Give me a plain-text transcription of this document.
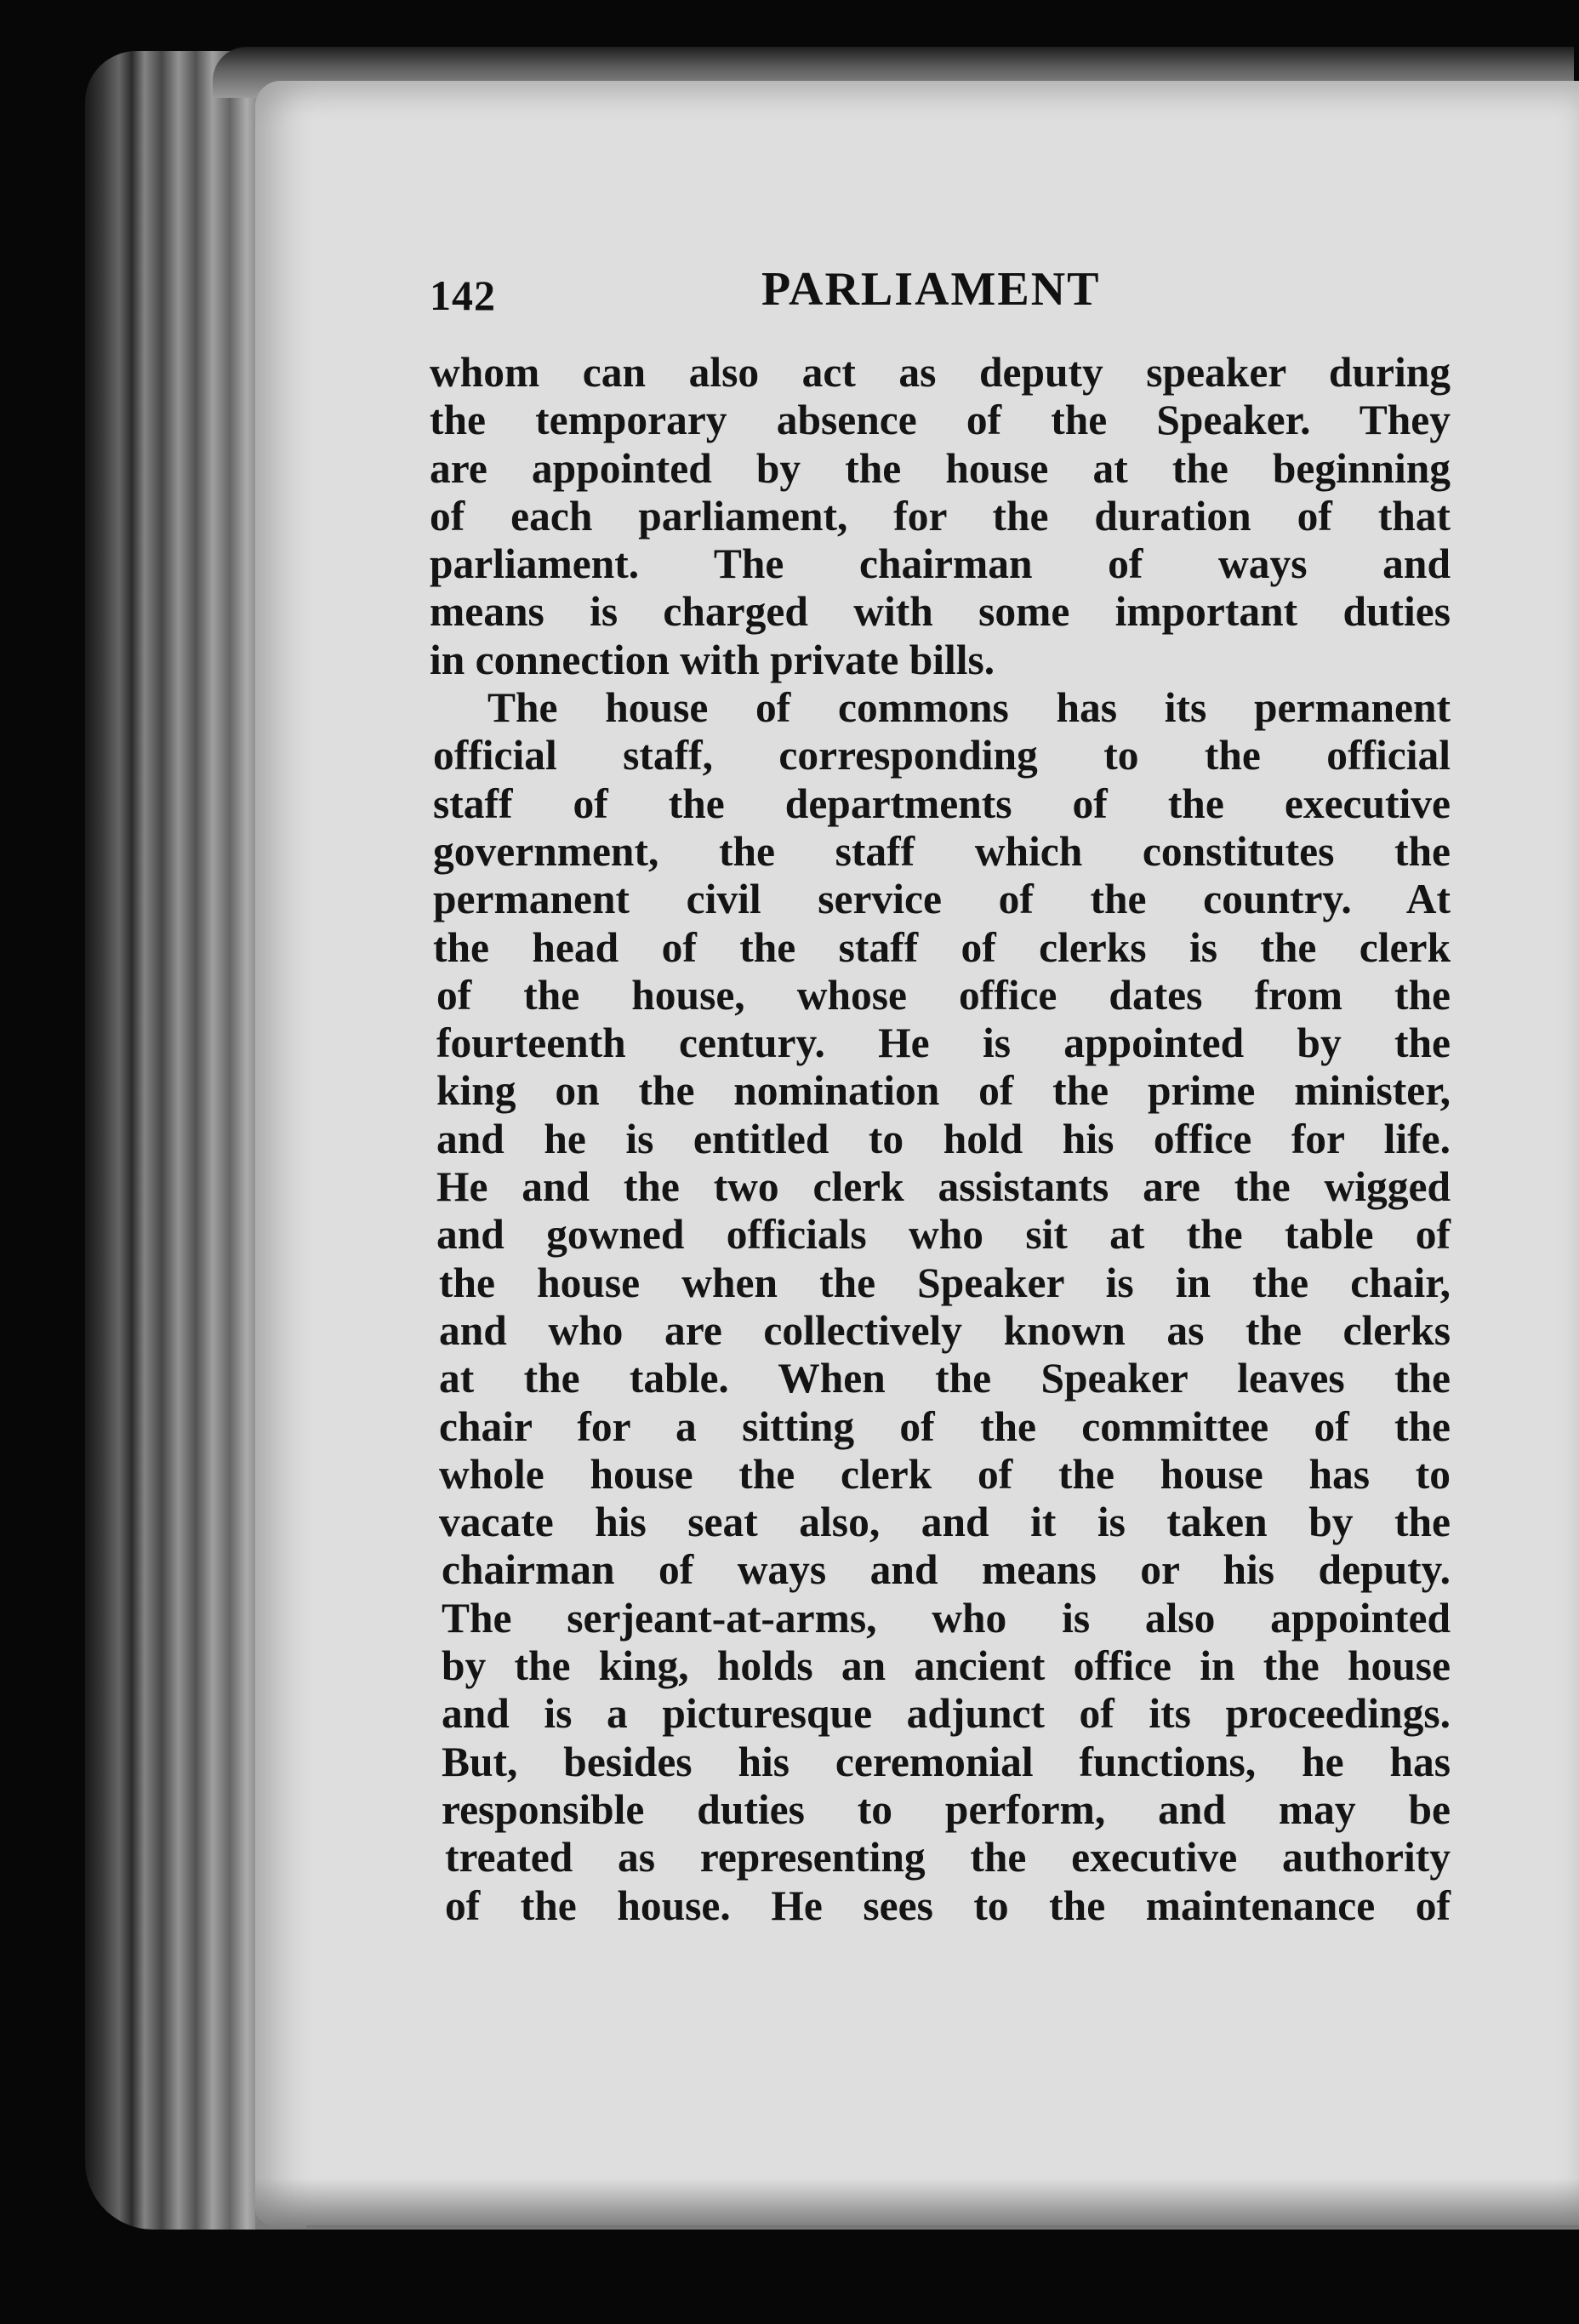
142	PARLIAMENT
whom can also act as deputy speaker during
the temporary absence of the Speaker. They
are appointed by the house at the beginning
of each parliament, for the duration of that
parliament. The chairman of ways and
means is charged with some important duties
in connection with private bills.
The house of commons has its permanent
official staff, corresponding to the official
staff of the departments of the executive
government, the staff which constitutes the
permanent civil service of the country. At
the head of the staff of clerks is the clerk
of the house, whose office dates from the
fourteenth century. He is appointed by the
king on the nomination of the prime minister,
and he is entitled to hold his office for life.
He and the two clerk assistants are the wigged
and gowned officials who sit at the table of
the house when the Speaker is in the chair,
and who are collectively known as the clerks
at the table. When the Speaker leaves the
chair for a sitting of the committee of the
whole house the clerk of the house has to
vacate his seat also, and it is taken by the
chairman of ways and means or his deputy.
The serjeant-at-arms, who is also appointed
by the king, holds an ancient office in the house
and is a picturesque adjunct of its proceedings.
But, besides his ceremonial functions, he has
responsible duties to perform, and may be
treated as representing the executive authority
of the house. He sees to the maintenance of
